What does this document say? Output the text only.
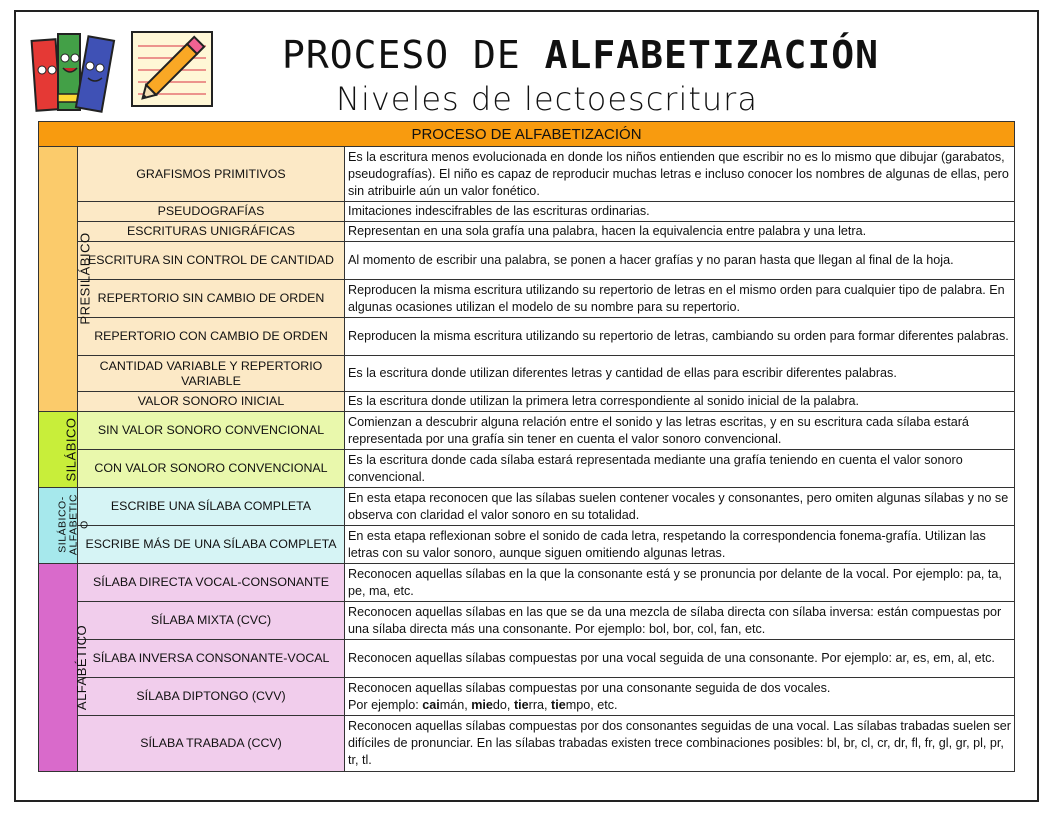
PROCESO DE ALFABETIZACIÓN
Niveles de lectoescritura
PROCESO DE ALFABETIZACIÓN		
PRESILÁBICO	GRAFISMOS PRIMITIVOS	Es la escritura menos evolucionada en donde los niños entienden que escribir no es lo mismo que dibujar (garabatos, pseudografías). El niño es capaz de reproducir muchas letras e incluso conocer los nombres de algunas de ellas, pero sin atribuirle aún un valor fonético.
	PSEUDOGRAFÍAS	Imitaciones indescifrables de las escrituras ordinarias.
	ESCRITURAS UNIGRÁFICAS	Representan en una sola grafía una palabra, hacen la equivalencia entre palabra y una letra.
	ESCRITURA SIN CONTROL DE CANTIDAD	Al momento de escribir una palabra, se ponen a hacer grafías y no paran hasta que llegan al final de la hoja.
	REPERTORIO SIN CAMBIO DE ORDEN	Reproducen la misma escritura utilizando su repertorio de letras en el mismo orden para cualquier tipo de palabra. En algunas ocasiones utilizan el modelo de su nombre para su repertorio.
	REPERTORIO CON CAMBIO DE ORDEN	Reproducen la misma escritura utilizando su repertorio de letras, cambiando su orden para formar diferentes palabras.
	CANTIDAD VARIABLE Y REPERTORIO VARIABLE	Es la escritura donde utilizan diferentes letras y cantidad de ellas para escribir diferentes palabras.
	VALOR SONORO INICIAL	Es la escritura donde utilizan la primera letra correspondiente al sonido inicial de la palabra.
SILÁBICO	SIN VALOR SONORO CONVENCIONAL	Comienzan a descubrir alguna relación entre el sonido y las letras escritas, y en su escritura cada sílaba estará representada por una grafía sin tener en cuenta el valor sonoro convencional.
	CON VALOR SONORO CONVENCIONAL	Es la escritura donde cada sílaba estará representada mediante una grafía teniendo en cuenta el valor sonoro convencional.
SILÁBICO-ALFABETIC O	ESCRIBE UNA SÍLABA COMPLETA	En esta etapa reconocen que las sílabas suelen contener vocales y consonantes, pero omiten algunas sílabas y no se observa con claridad el valor sonoro en su totalidad.
	ESCRIBE MÁS DE UNA SÍLABA COMPLETA	En esta etapa reflexionan sobre el sonido de cada letra, respetando la correspondencia fonema-grafía. Utilizan las letras con su valor sonoro, aunque siguen omitiendo algunas letras.
ALFABÉTICO	SÍLABA DIRECTA VOCAL-CONSONANTE	Reconocen aquellas sílabas en la que la consonante está y se pronuncia por delante de la vocal. Por ejemplo: pa, ta, pe, ma, etc.
	SÍLABA MIXTA (CVC)	Reconocen aquellas sílabas en las que se da una mezcla de sílaba directa con sílaba inversa: están compuestas por una sílaba directa más una consonante. Por ejemplo: bol, bor, col, fan, etc.
	SÍLABA INVERSA CONSONANTE-VOCAL	Reconocen aquellas sílabas compuestas por una vocal seguida de una consonante. Por ejemplo: ar, es, em, al, etc.
	SÍLABA DIPTONGO (CVV)	Reconocen aquellas sílabas compuestas por una consonante seguida de dos vocales.
Por ejemplo: caimán, miedo, tierra, tiempo, etc.
	SÍLABA TRABADA (CCV)	Reconocen aquellas sílabas compuestas por dos consonantes seguidas de una vocal. Las sílabas trabadas suelen ser difíciles de pronunciar. En las sílabas trabadas existen trece combinaciones posibles: bl, br, cl, cr, dr, fl, fr, gl, gr, pl, pr, tr, tl.
